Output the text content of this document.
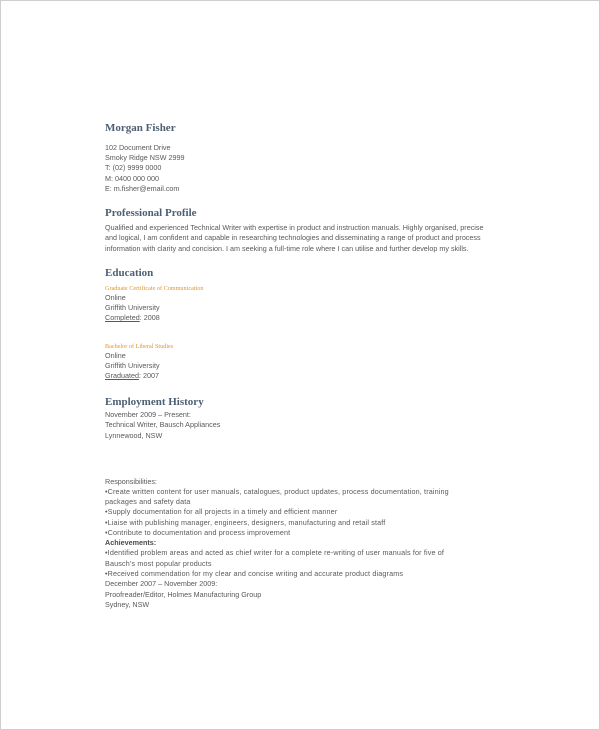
Morgan Fisher
102 Document Drive
Smoky Ridge NSW 2999
T: (02) 9999 0000
M: 0400 000 000
E: m.fisher@email.com
Professional Profile
Qualified and experienced Technical Writer with expertise in product and instruction manuals. Highly organised, precise
and logical, I am confident and capable in researching technologies and disseminating a range of product and process
information with clarity and concision. I am seeking a full-time role where I can utilise and further develop my skills.
Education
Graduate Certificate of Communication
Online
Griffith University
Completed: 2008
Bachelor of Liberal Studies
Online
Griffith University
Graduated: 2007
Employment History
November 2009 – Present:
Technical Writer, Bausch Appliances
Lynnewood, NSW
Responsibilities:
•Create written content for user manuals, catalogues, product updates, process documentation, training
packages and safety data
•Supply documentation for all projects in a timely and efficient manner
•Liaise with publishing manager, engineers, designers, manufacturing and retail staff
•Contribute to documentation and process improvement
Achievements:
•Identified problem areas and acted as chief writer for a complete re-writing of user manuals for five of
Bausch’s most popular products
•Received commendation for my clear and concise writing and accurate product diagrams
December 2007 – November 2009:
Proofreader/Editor, Holmes Manufacturing Group
Sydney, NSW
